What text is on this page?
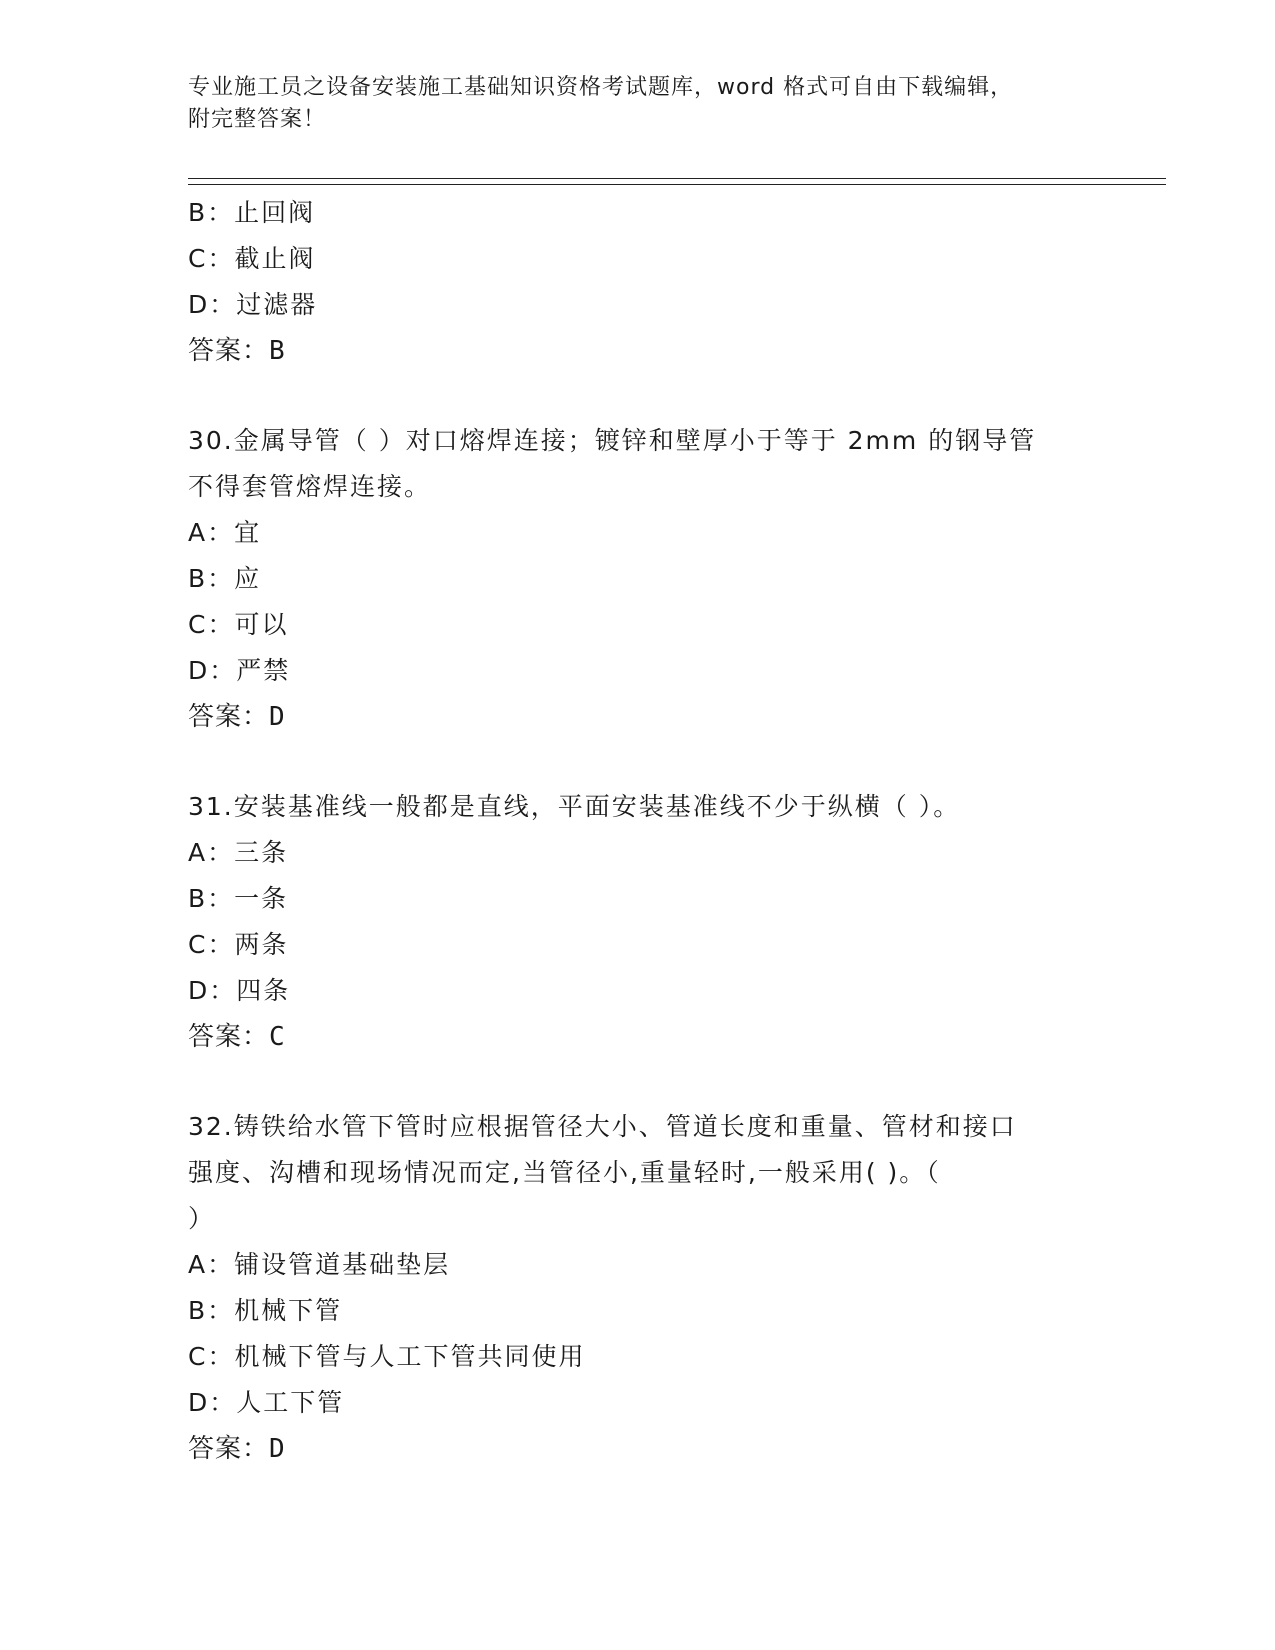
专业施工员之设备安装施工基础知识资格考试题库，word 格式可自由下载编辑，
附完整答案！
B：止回阀
C：截止阀
D：过滤器
答案：B
30.金属导管（ ）对口熔焊连接；镀锌和壁厚小于等于 2mm 的钢导管
不得套管熔焊连接。
A：宜
B：应
C：可以
D：严禁
答案：D
31.安装基准线一般都是直线，平面安装基准线不少于纵横（ ）。
A：三条
B：一条
C：两条
D：四条
答案：C
32.铸铁给水管下管时应根据管径大小、管道长度和重量、管材和接口
强度、沟槽和现场情况而定,当管径小,重量轻时,一般采用( )。（
）
A：铺设管道基础垫层
B：机械下管
C：机械下管与人工下管共同使用
D：人工下管
答案：D
